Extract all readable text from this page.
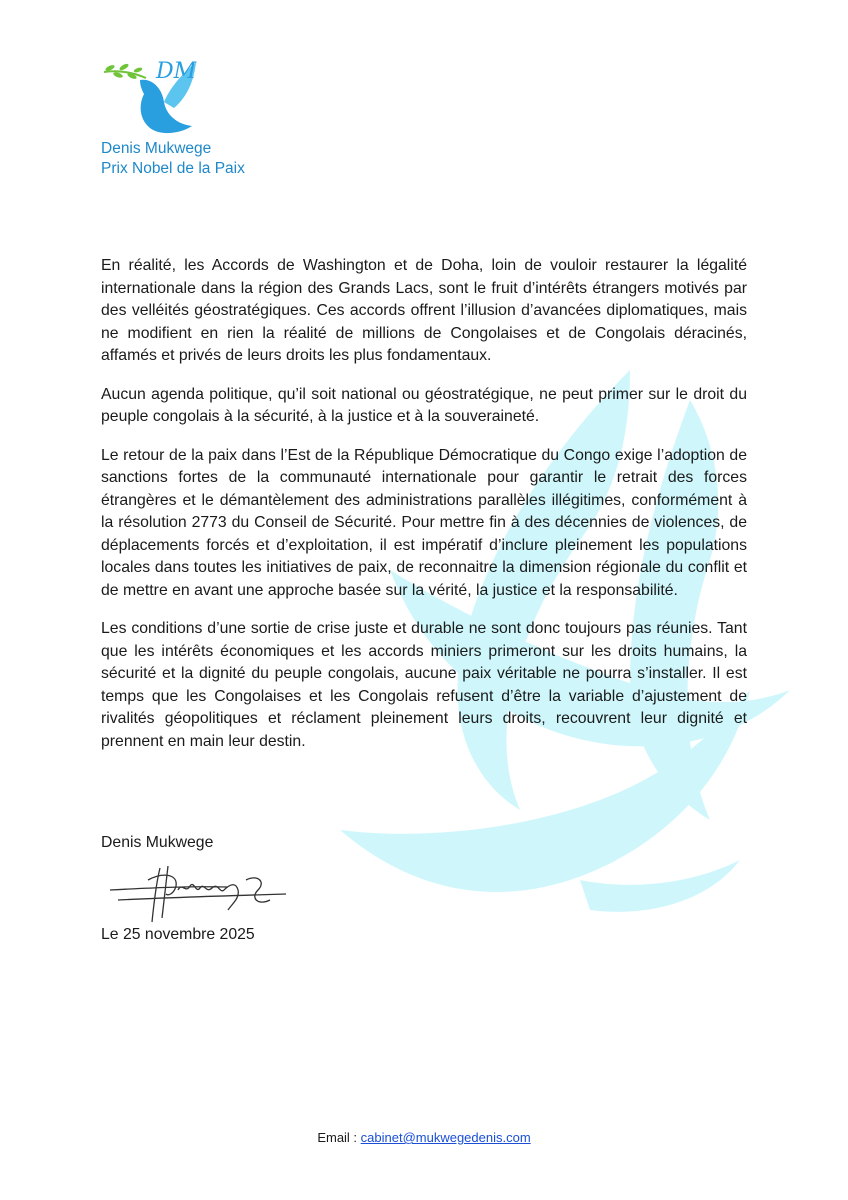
DM
Denis Mukwege
Prix Nobel de la Paix

En réalité, les Accords de Washington et de Doha, loin de vouloir restaurer la légalité internationale dans la région des Grands Lacs, sont le fruit d’intérêts étrangers motivés par des velléités géostratégiques. Ces accords offrent l’illusion d’avancées diplomatiques, mais ne modifient en rien la réalité de millions de Congolaises et de Congolais déracinés, affamés et privés de leurs droits les plus fondamentaux.

Aucun agenda politique, qu’il soit national ou géostratégique, ne peut primer sur le droit du peuple congolais à la sécurité, à la justice et à la souveraineté.

Le retour de la paix dans l’Est de la République Démocratique du Congo exige l’adoption de sanctions fortes de la communauté internationale pour garantir le retrait des forces étrangères et le démantèlement des administrations parallèles illégitimes, conformément à la résolution 2773 du Conseil de Sécurité. Pour mettre fin à des décennies de violences, de déplacements forcés et d’exploitation, il est impératif d’inclure pleinement les populations locales dans toutes les initiatives de paix, de reconnaitre la dimension régionale du conflit et de mettre en avant une approche basée sur la vérité, la justice et la responsabilité.

Les conditions d’une sortie de crise juste et durable ne sont donc toujours pas réunies. Tant que les intérêts économiques et les accords miniers primeront sur les droits humains, la sécurité et la dignité du peuple congolais, aucune paix véritable ne pourra s’installer. Il est temps que les Congolaises et les Congolais refusent d’être la variable d’ajustement de rivalités géopolitiques et réclament pleinement leurs droits, recouvrent leur dignité et prennent en main leur destin.

Denis Mukwege
Le 25 novembre 2025
Email : cabinet@mukwegedenis.com
